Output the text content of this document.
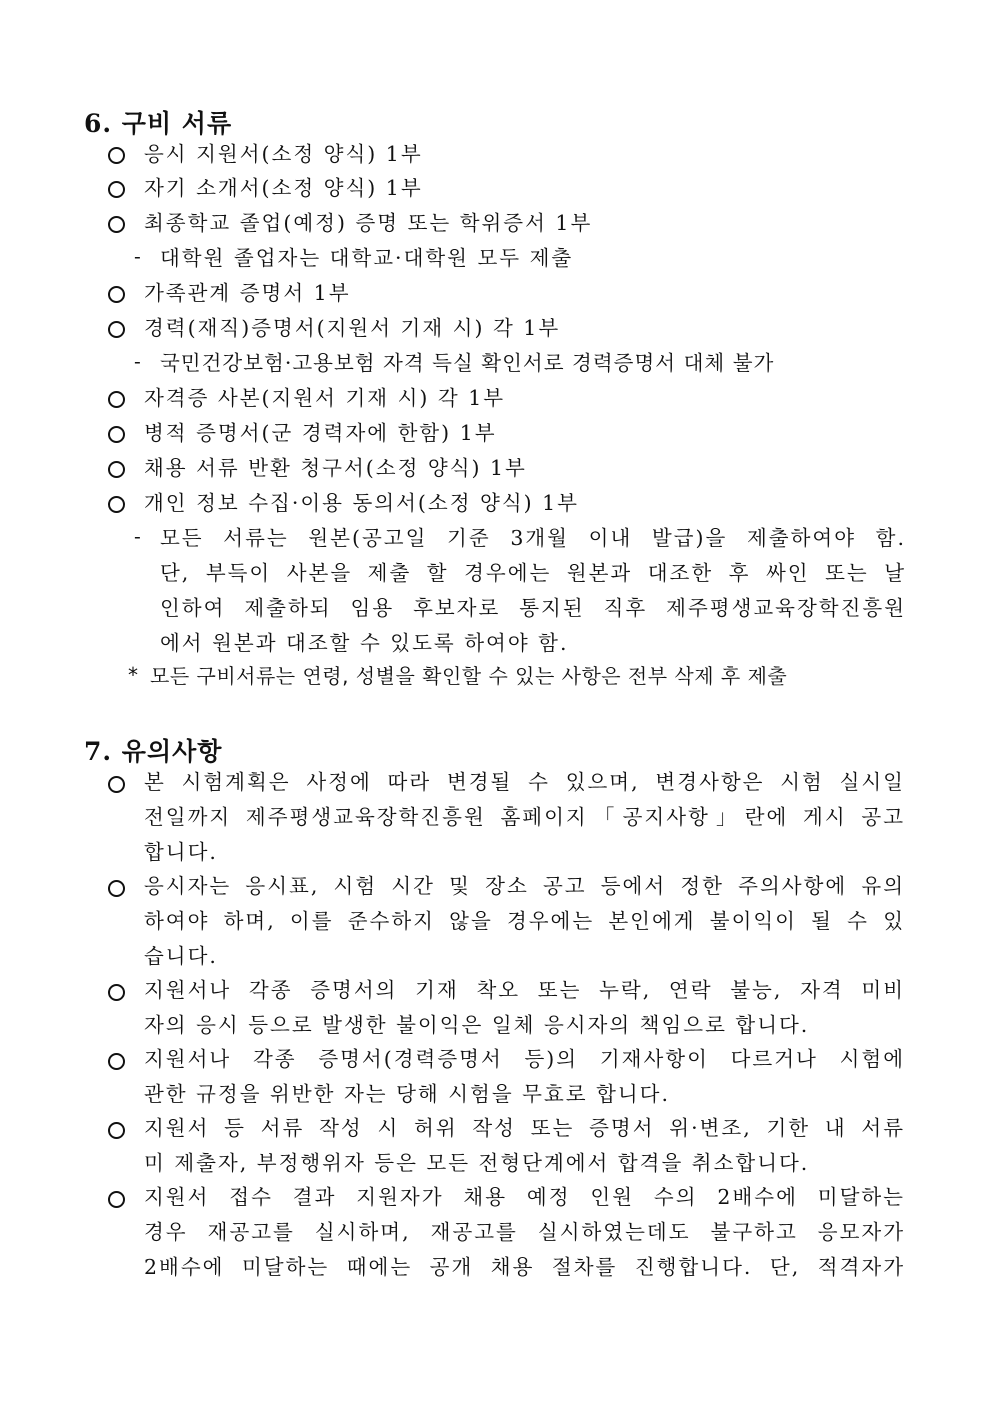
6. 구비 서류
응시 지원서(소정 양식) 1부
자기 소개서(소정 양식) 1부
최종학교 졸업(예정) 증명 또는 학위증서 1부
- 대학원 졸업자는 대학교·대학원 모두 제출
가족관계 증명서 1부
경력(재직)증명서(지원서 기재 시) 각 1부
- 국민건강보험·고용보험 자격 득실 확인서로 경력증명서 대체 불가
자격증 사본(지원서 기재 시) 각 1부
병적 증명서(군 경력자에 한함) 1부
채용 서류 반환 청구서(소정 양식) 1부
개인 정보 수집·이용 동의서(소정 양식) 1부
- 모든 서류는 원본(공고일 기준 3개월 이내 발급)을 제출하여야 함.
단, 부득이 사본을 제출 할 경우에는 원본과 대조한 후 싸인 또는 날
인하여 제출하되 임용 후보자로 통지된 직후 제주평생교육장학진흥원
에서 원본과 대조할 수 있도록 하여야 함.
* 모든 구비서류는 연령, 성별을 확인할 수 있는 사항은 전부 삭제 후 제출
7. 유의사항
본 시험계획은 사정에 따라 변경될 수 있으며, 변경사항은 시험 실시일
전일까지 제주평생교육장학진흥원 홈페이지「공지사항」란에 게시 공고
합니다.
응시자는 응시표, 시험 시간 및 장소 공고 등에서 정한 주의사항에 유의
하여야 하며, 이를 준수하지 않을 경우에는 본인에게 불이익이 될 수 있
습니다.
지원서나 각종 증명서의 기재 착오 또는 누락, 연락 불능, 자격 미비
자의 응시 등으로 발생한 불이익은 일체 응시자의 책임으로 합니다.
지원서나 각종 증명서(경력증명서 등)의 기재사항이 다르거나 시험에
관한 규정을 위반한 자는 당해 시험을 무효로 합니다.
지원서 등 서류 작성 시 허위 작성 또는 증명서 위·변조, 기한 내 서류
미 제출자, 부정행위자 등은 모든 전형단계에서 합격을 취소합니다.
지원서 접수 결과 지원자가 채용 예정 인원 수의 2배수에 미달하는
경우 재공고를 실시하며, 재공고를 실시하였는데도 불구하고 응모자가
2배수에 미달하는 때에는 공개 채용 절차를 진행합니다. 단, 적격자가
